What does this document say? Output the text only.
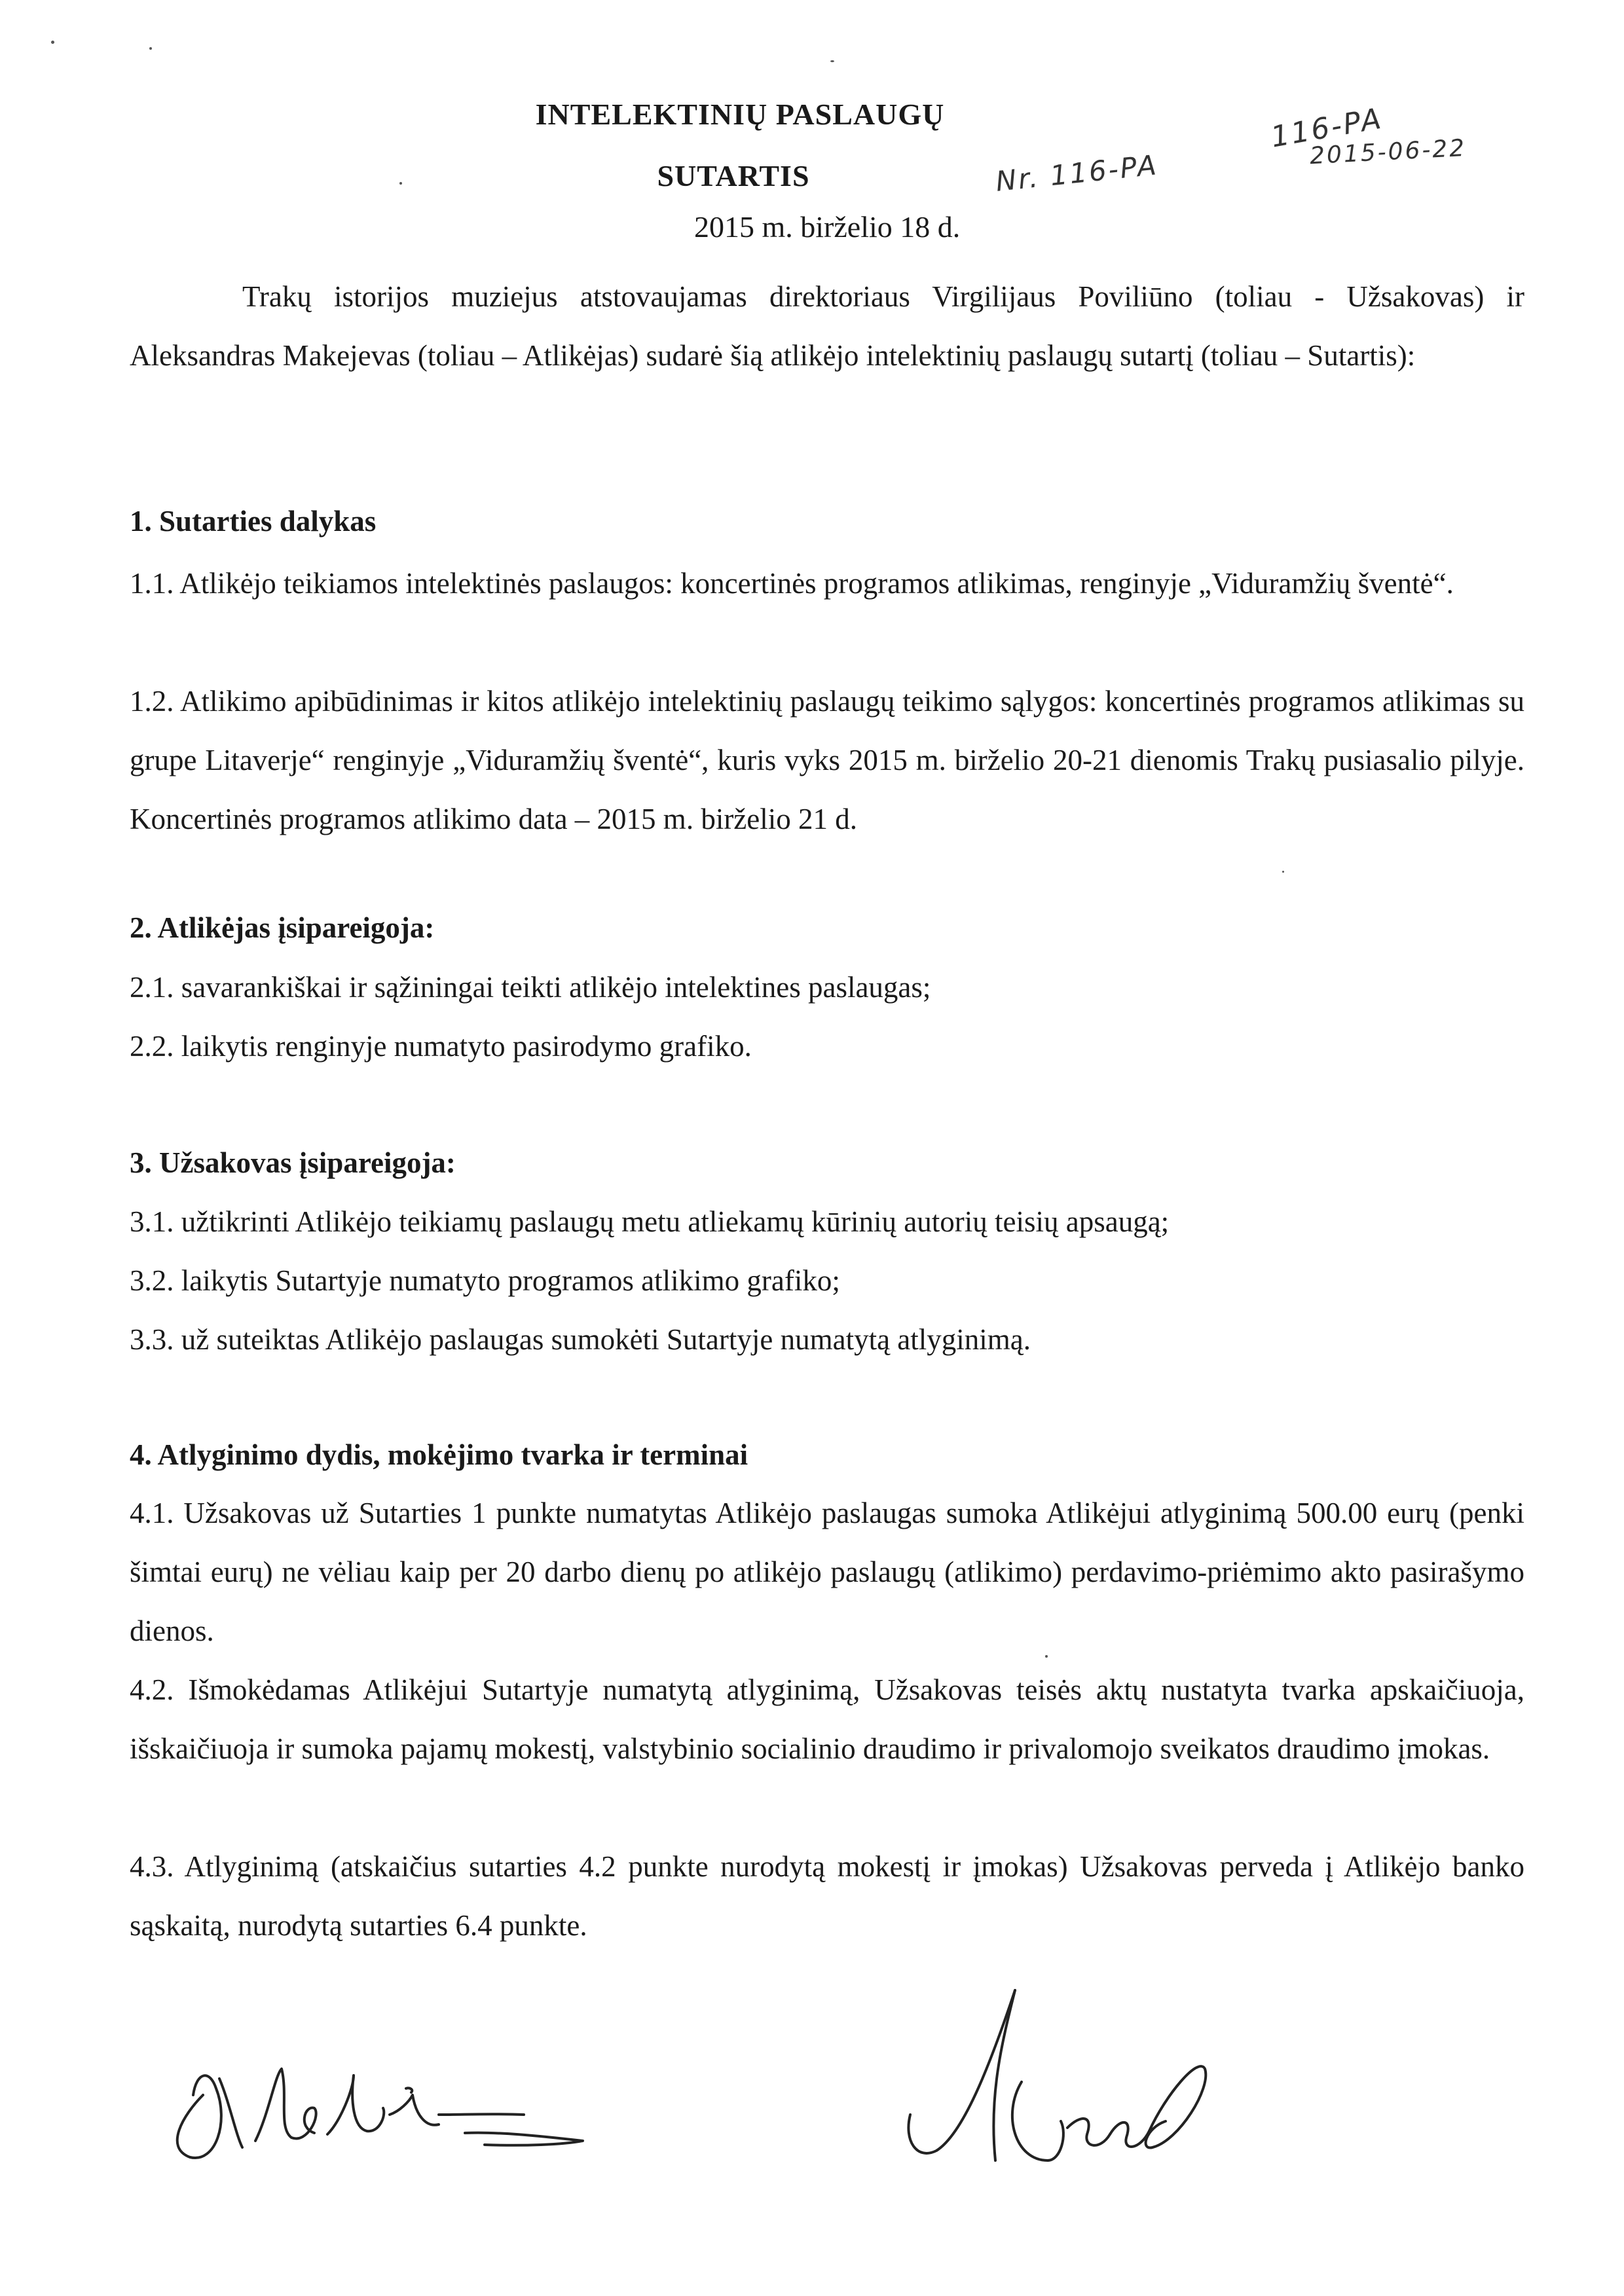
INTELEKTINIŲ PASLAUGŲ
SUTARTIS
2015 m. birželio 18 d.
Nr. 116-PA
116-PA
2015-06-22
Trakų istorijos muziejus atstovaujamas direktoriaus Virgilijaus Poviliūno (toliau - Užsakovas) ir Aleksandras Makejevas (toliau – Atlikėjas) sudarė šią atlikėjo intelektinių paslaugų sutartį (toliau – Sutartis):
1. Sutarties dalykas
1.1. Atlikėjo teikiamos intelektinės paslaugos: koncertinės programos atlikimas, renginyje „Viduramžių šventė“.
1.2. Atlikimo apibūdinimas ir kitos atlikėjo intelektinių paslaugų teikimo sąlygos: koncertinės programos atlikimas su grupe Litaverje“ renginyje „Viduramžių šventė“, kuris vyks 2015 m. birželio 20-21 dienomis Trakų pusiasalio pilyje. Koncertinės programos atlikimo data – 2015 m. birželio 21 d.
2. Atlikėjas įsipareigoja:
2.1. savarankiškai ir sąžiningai teikti atlikėjo intelektines paslaugas;
2.2. laikytis renginyje numatyto pasirodymo grafiko.
3. Užsakovas įsipareigoja:
3.1. užtikrinti Atlikėjo teikiamų paslaugų metu atliekamų kūrinių autorių teisių apsaugą;
3.2. laikytis Sutartyje numatyto programos atlikimo grafiko;
3.3. už suteiktas Atlikėjo paslaugas sumokėti Sutartyje numatytą atlyginimą.
4. Atlyginimo dydis, mokėjimo tvarka ir terminai
4.1. Užsakovas už Sutarties 1 punkte numatytas Atlikėjo paslaugas sumoka Atlikėjui atlyginimą 500.00 eurų (penki šimtai eurų) ne vėliau kaip per 20 darbo dienų po atlikėjo paslaugų (atlikimo) perdavimo-priėmimo akto pasirašymo dienos.
4.2. Išmokėdamas Atlikėjui Sutartyje numatytą atlyginimą, Užsakovas teisės aktų nustatyta tvarka apskaičiuoja, išskaičiuoja ir sumoka pajamų mokestį, valstybinio socialinio draudimo ir privalomojo sveikatos draudimo įmokas.
4.3. Atlyginimą (atskaičius sutarties 4.2 punkte nurodytą mokestį ir įmokas) Užsakovas perveda į Atlikėjo banko sąskaitą, nurodytą sutarties 6.4 punkte.
